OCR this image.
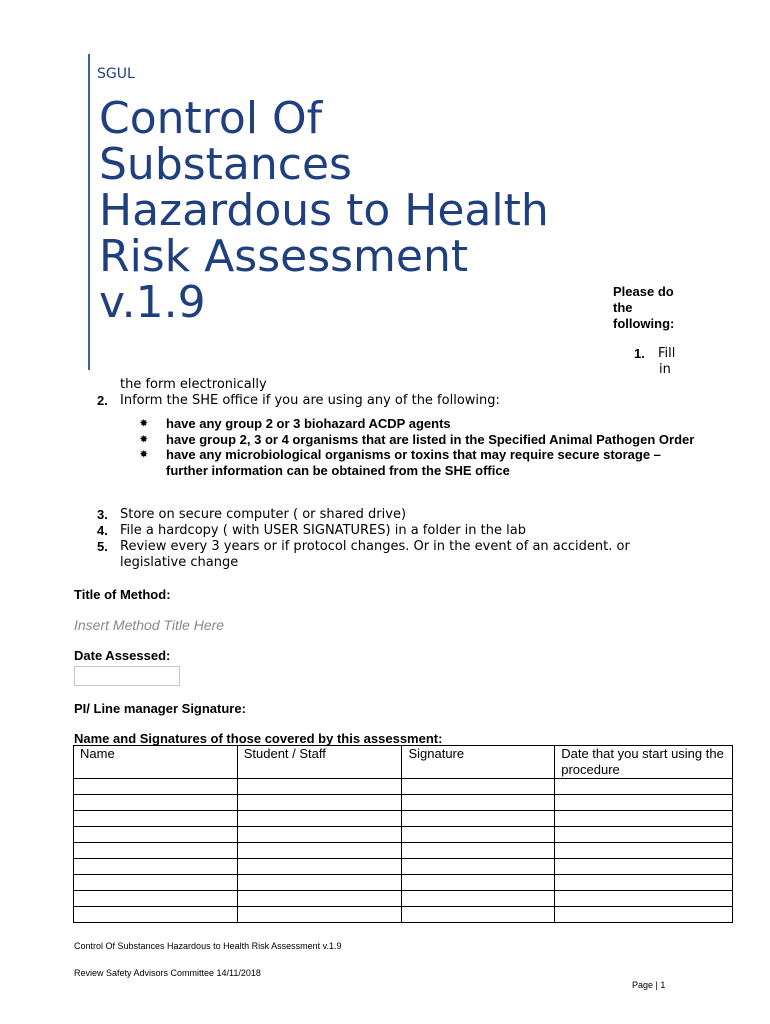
SGUL
Control Of
Substances
Hazardous to Health
Risk Assessment
v.1.9	Please do
the
following:
1. Fill
in
the form electronically
2. Inform the SHE office if you are using any of the following:
✸	have any group 2 or 3 biohazard ACDP agents
✸	have group 2, 3 or 4 organisms that are listed in the Specified Animal Pathogen Order
✸	have any microbiological organisms or toxins that may require secure storage – further information can be obtained from the SHE office
3. Store on secure computer ( or shared drive)
4. File a hardcopy ( with USER SIGNATURES) in a folder in the lab
5. Review every 3 years or if protocol changes. Or in the event of an accident. or legislative change
Title of Method:
Insert Method Title Here
Date Assessed:
PI/ Line manager Signature:
Name and Signatures of those covered by this assessment:
Name	Student / Staff	Signature	Date that you start using the procedure

Control Of Substances Hazardous to Health Risk Assessment v.1.9
Review Safety Advisors Committee 14/11/2018
Page | 1
